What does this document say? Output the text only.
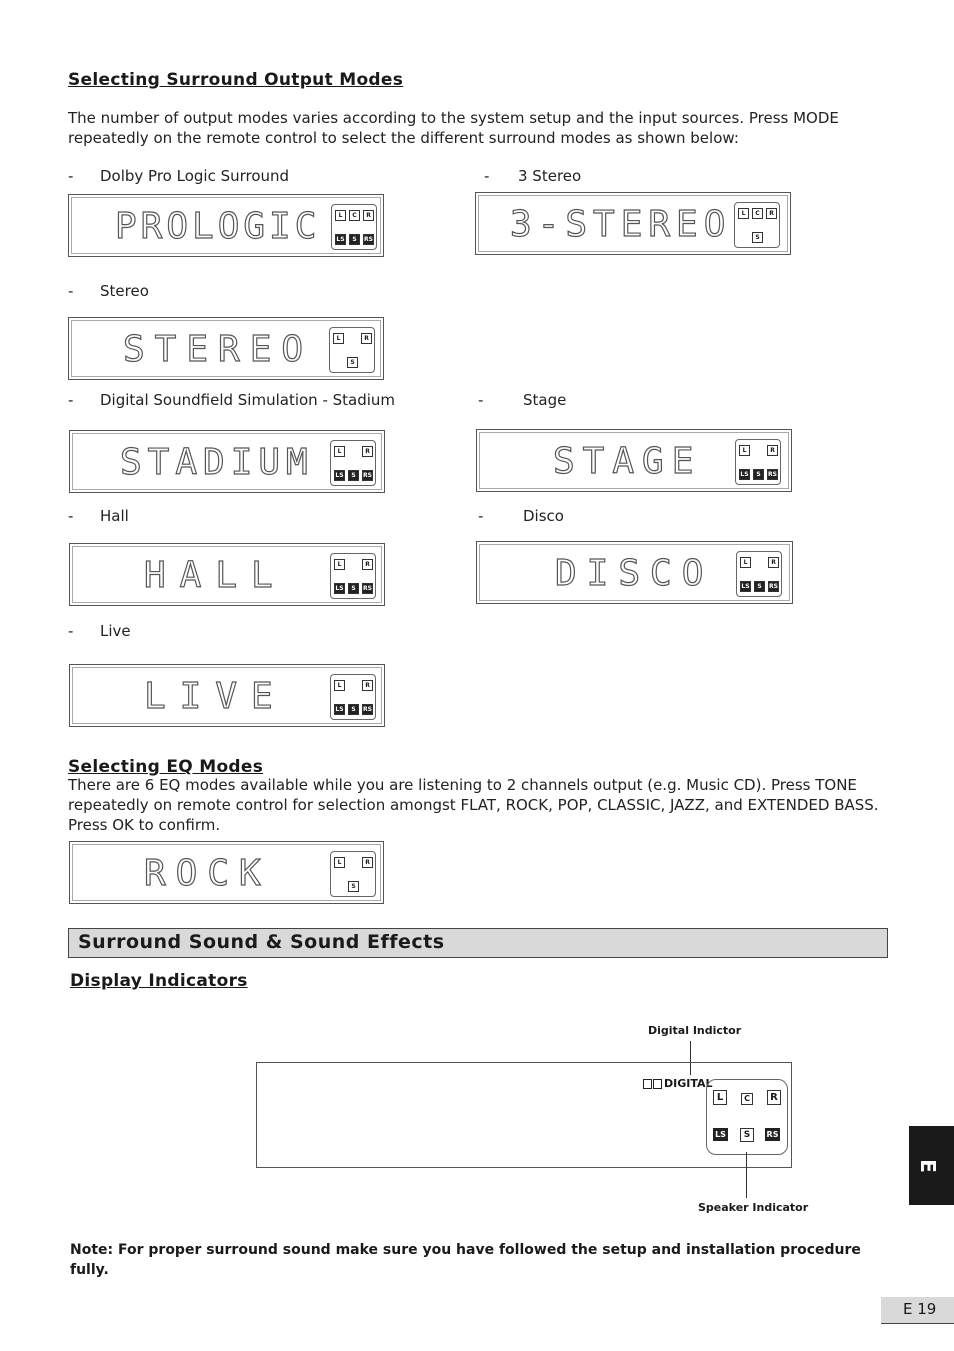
Selecting Surround Output Modes
The number of output modes varies according to the system setup and the input sources. Press MODE repeatedly on the remote control to select the different surround modes as shown below:
- Dolby Pro Logic Surround
PROLOGIC	L	C	R
LS	S	RS
- 3 Stereo
3-STEREO	L	C	R
S
- Stereo
STEREO	L	R
S
- Digital Soundfield Simulation - Stadium
STADIUM	L	R
LS	S	RS
-	Stage
STAGE	L	R
LS	S	RS
- Hall
HALL	L	R
LS	S	RS
-	Disco
DISCO	L	R
LS	S	RS
- Live
LIVE	L	R
LS	S	RS
Selecting EQ Modes
There are 6 EQ modes available while you are listening to 2 channels output (e.g. Music CD). Press TONE repeatedly on remote control for selection amongst FLAT, ROCK, POP, CLASSIC, JAZZ, and EXTENDED BASS. Press OK to confirm.
ROCK	L	R
S
Surround Sound & Sound Effects
Display Indicators
Digital Indictor
DIGITAL
L	C	R
LS	S	RS
Speaker Indicator
Note: For proper surround sound make sure you have followed the setup and installation procedure fully.
E
E 19
